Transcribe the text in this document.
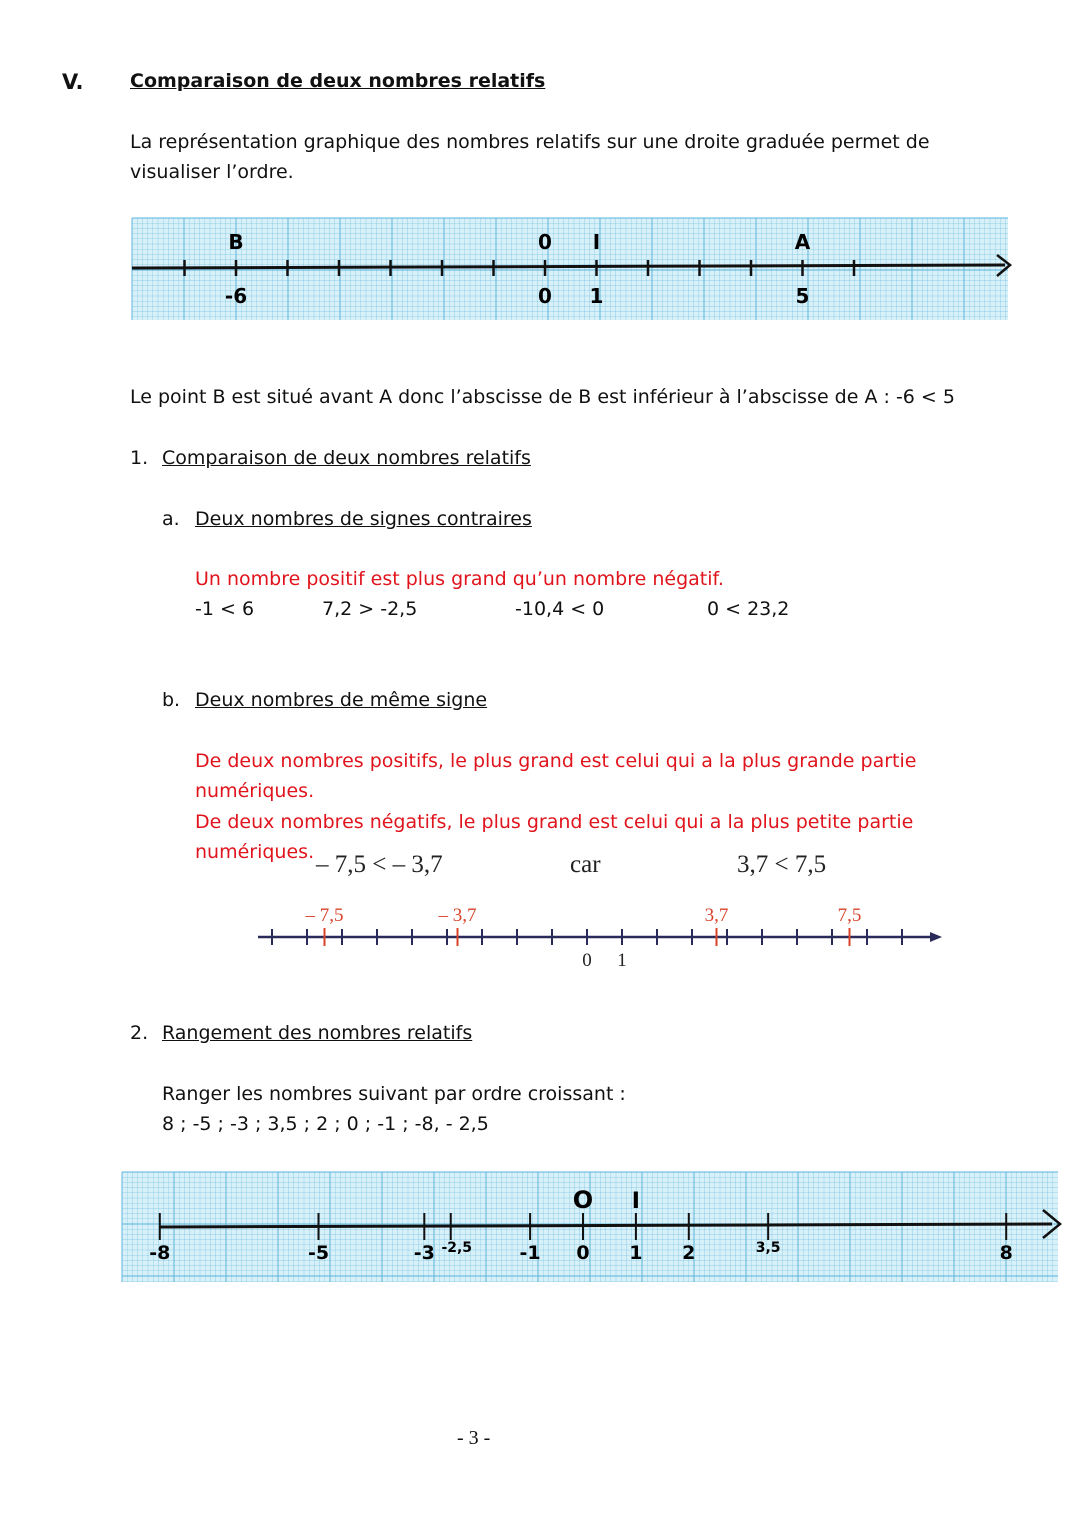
V. Comparaison de deux nombres relatifs
La représentation graphique des nombres relatifs sur une droite graduée permet de
visualiser l’ordre.
B
-6
0
0
I
1
A
5
– 7,5	– 3,7	3,7	7,5
0 1
-8	-5	-3 -2,5 -1 0 1 2	3,5	8
O I
Le point B est situé avant A donc l’abscisse de B est inférieur à l’abscisse de A : -6 < 5
1. Comparaison de deux nombres relatifs
a. Deux nombres de signes contraires
Un nombre positif est plus grand qu’un nombre négatif.
-1 < 6	7,2 > -2,5	-10,4 < 0	0 < 23,2
b. Deux nombres de même signe
De deux nombres positifs, le plus grand est celui qui a la plus grande partie
numériques.
De deux nombres négatifs, le plus grand est celui qui a la plus petite partie
numériques. – 7,5 < – 3,7	car	3,7 < 7,5
2. Rangement des nombres relatifs
Ranger les nombres suivant par ordre croissant :
8 ; -5 ; -3 ; 3,5 ; 2 ; 0 ; -1 ; -8, - 2,5
- 3 -
